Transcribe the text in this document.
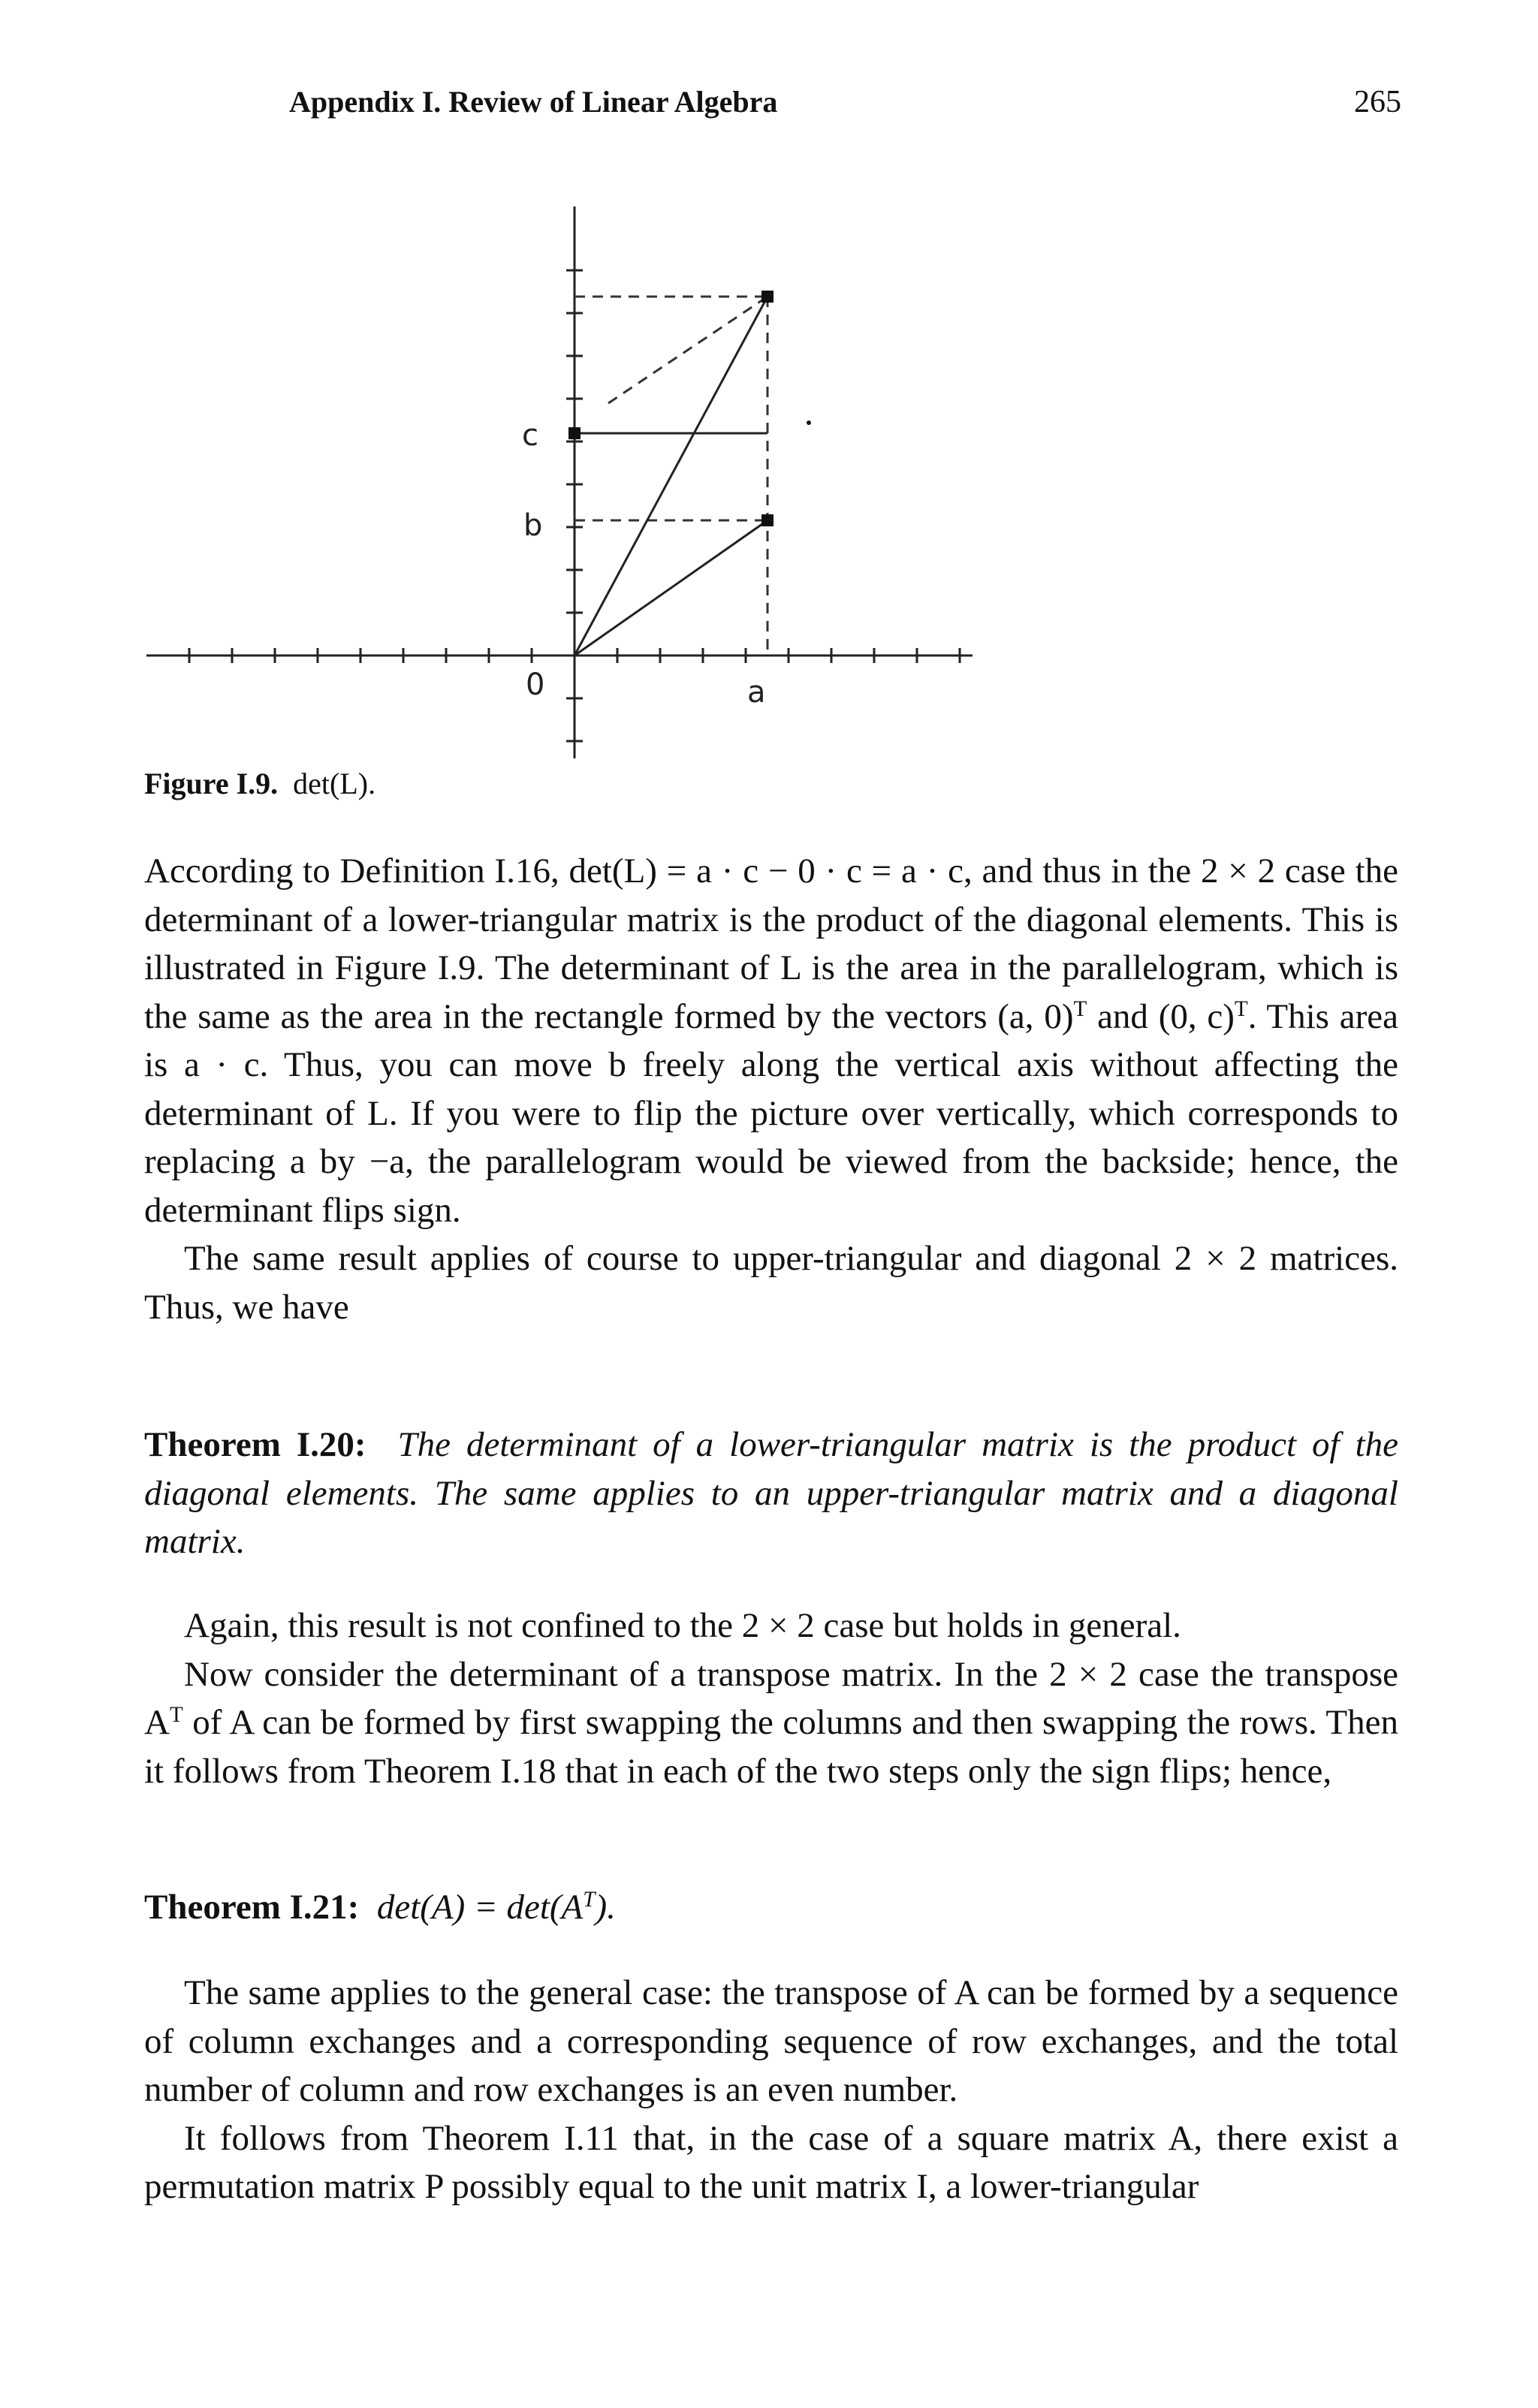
Appendix I. Review of Linear Algebra	265
c
b
0	a
Figure I.9. det(L).

According to Definition I.16, det(L) = a · c − 0 · c = a · c, and thus in the 2 × 2 case the determinant of a lower-triangular matrix is the product of the diagonal elements. This is illustrated in Figure I.9. The determinant of L is the area in the parallelogram, which is the same as the area in the rectangle formed by the vectors (a, 0)$^T$ and (0, c)$^T$. This area is a · c. Thus, you can move b freely along the vertical axis without affecting the determinant of L. If you were to flip the picture over vertically, which corresponds to replacing a by −a, the parallelogram would be viewed from the backside; hence, the determinant flips sign.

The same result applies of course to upper-triangular and diagonal 2 × 2 matrices. Thus, we have

Theorem I.20: The determinant of a lower-triangular matrix is the product of the diagonal elements. The same applies to an upper-triangular matrix and a diagonal matrix.

Again, this result is not confined to the 2 × 2 case but holds in general.

Now consider the determinant of a transpose matrix. In the 2 × 2 case the transpose $A^T$ of A can be formed by first swapping the columns and then swapping the rows. Then it follows from Theorem I.18 that in each of the two steps only the sign flips; hence,

Theorem I.21: $\det(A) = \det(A^T)$.

The same applies to the general case: the transpose of A can be formed by a sequence of column exchanges and a corresponding sequence of row exchanges, and the total number of column and row exchanges is an even number.

It follows from Theorem I.11 that, in the case of a square matrix A, there exist a permutation matrix P possibly equal to the unit matrix I, a lower-triangular
